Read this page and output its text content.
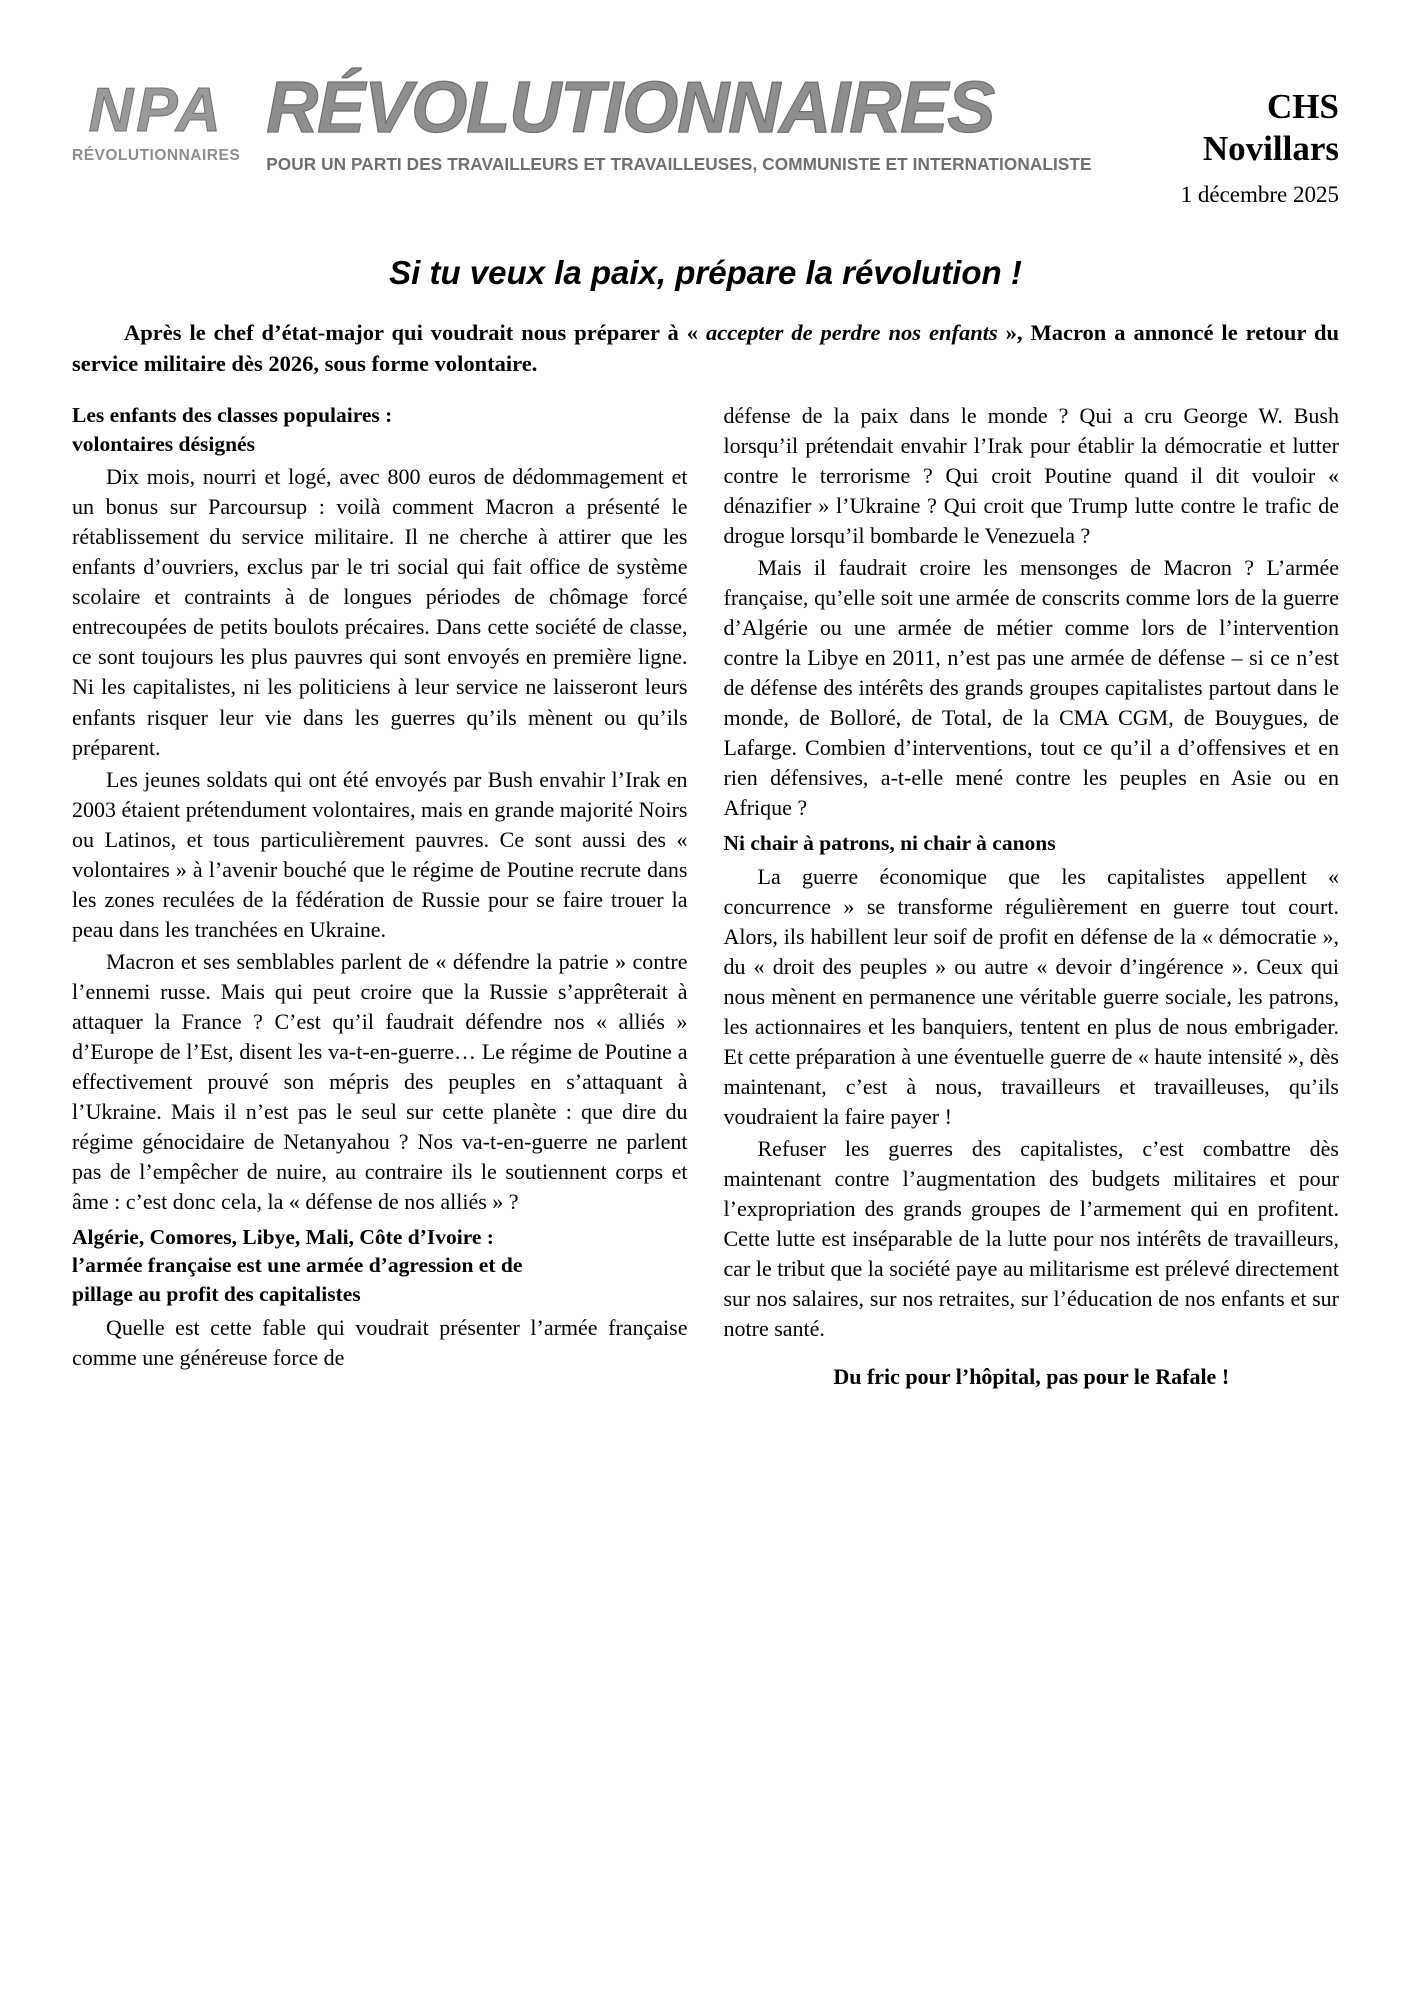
NPA
RÉVOLUTIONNAIRES
RÉVOLUTIONNAIRES
POUR UN PARTI DES TRAVAILLEURS ET TRAVAILLEUSES, COMMUNISTE ET INTERNATIONALISTE
CHS
Novillars
1 décembre 2025
Si tu veux la paix, prépare la révolution !

Après le chef d’état-major qui voudrait nous préparer à « accepter de perdre nos enfants », Macron a annoncé le retour du service militaire dès 2026, sous forme volontaire.

Les enfants des classes populaires :
volontaires désignés

Dix mois, nourri et logé, avec 800 euros de dédommagement et un bonus sur Parcoursup : voilà comment Macron a présenté le rétablissement du service militaire. Il ne cherche à attirer que les enfants d’ouvriers, exclus par le tri social qui fait office de système scolaire et contraints à de longues périodes de chômage forcé entrecoupées de petits boulots précaires. Dans cette société de classe, ce sont toujours les plus pauvres qui sont envoyés en première ligne. Ni les capitalistes, ni les politiciens à leur service ne laisseront leurs enfants risquer leur vie dans les guerres qu’ils mènent ou qu’ils préparent.

Les jeunes soldats qui ont été envoyés par Bush envahir l’Irak en 2003 étaient prétendument volontaires, mais en grande majorité Noirs ou Latinos, et tous particulièrement pauvres. Ce sont aussi des « volontaires » à l’avenir bouché que le régime de Poutine recrute dans les zones reculées de la fédération de Russie pour se faire trouer la peau dans les tranchées en Ukraine.

Macron et ses semblables parlent de « défendre la patrie » contre l’ennemi russe. Mais qui peut croire que la Russie s’apprêterait à attaquer la France ? C’est qu’il faudrait défendre nos « alliés » d’Europe de l’Est, disent les va-t-en-guerre… Le régime de Poutine a effectivement prouvé son mépris des peuples en s’attaquant à l’Ukraine. Mais il n’est pas le seul sur cette planète : que dire du régime génocidaire de Netanyahou ? Nos va-t-en-guerre ne parlent pas de l’empêcher de nuire, au contraire ils le soutiennent corps et âme : c’est donc cela, la « défense de nos alliés » ?

Algérie, Comores, Libye, Mali, Côte d’Ivoire :
l’armée française est une armée d’agression et de
pillage au profit des capitalistes

Quelle est cette fable qui voudrait présenter l’armée française comme une généreuse force de

défense de la paix dans le monde ? Qui a cru George W. Bush lorsqu’il prétendait envahir l’Irak pour établir la démocratie et lutter contre le terrorisme ? Qui croit Poutine quand il dit vouloir « dénazifier » l’Ukraine ? Qui croit que Trump lutte contre le trafic de drogue lorsqu’il bombarde le Venezuela ?

Mais il faudrait croire les mensonges de Macron ? L’armée française, qu’elle soit une armée de conscrits comme lors de la guerre d’Algérie ou une armée de métier comme lors de l’intervention contre la Libye en 2011, n’est pas une armée de défense – si ce n’est de défense des intérêts des grands groupes capitalistes partout dans le monde, de Bolloré, de Total, de la CMA CGM, de Bouygues, de Lafarge. Combien d’interventions, tout ce qu’il a d’offensives et en rien défensives, a-t-elle mené contre les peuples en Asie ou en Afrique ?

Ni chair à patrons, ni chair à canons

La guerre économique que les capitalistes appellent « concurrence » se transforme régulièrement en guerre tout court. Alors, ils habillent leur soif de profit en défense de la « démocratie », du « droit des peuples » ou autre « devoir d’ingérence ». Ceux qui nous mènent en permanence une véritable guerre sociale, les patrons, les actionnaires et les banquiers, tentent en plus de nous embrigader. Et cette préparation à une éventuelle guerre de « haute intensité », dès maintenant, c’est à nous, travailleurs et travailleuses, qu’ils voudraient la faire payer !

Refuser les guerres des capitalistes, c’est combattre dès maintenant contre l’augmentation des budgets militaires et pour l’expropriation des grands groupes de l’armement qui en profitent. Cette lutte est inséparable de la lutte pour nos intérêts de travailleurs, car le tribut que la société paye au militarisme est prélevé directement sur nos salaires, sur nos retraites, sur l’éducation de nos enfants et sur notre santé.

Du fric pour l’hôpital, pas pour le Rafale !
